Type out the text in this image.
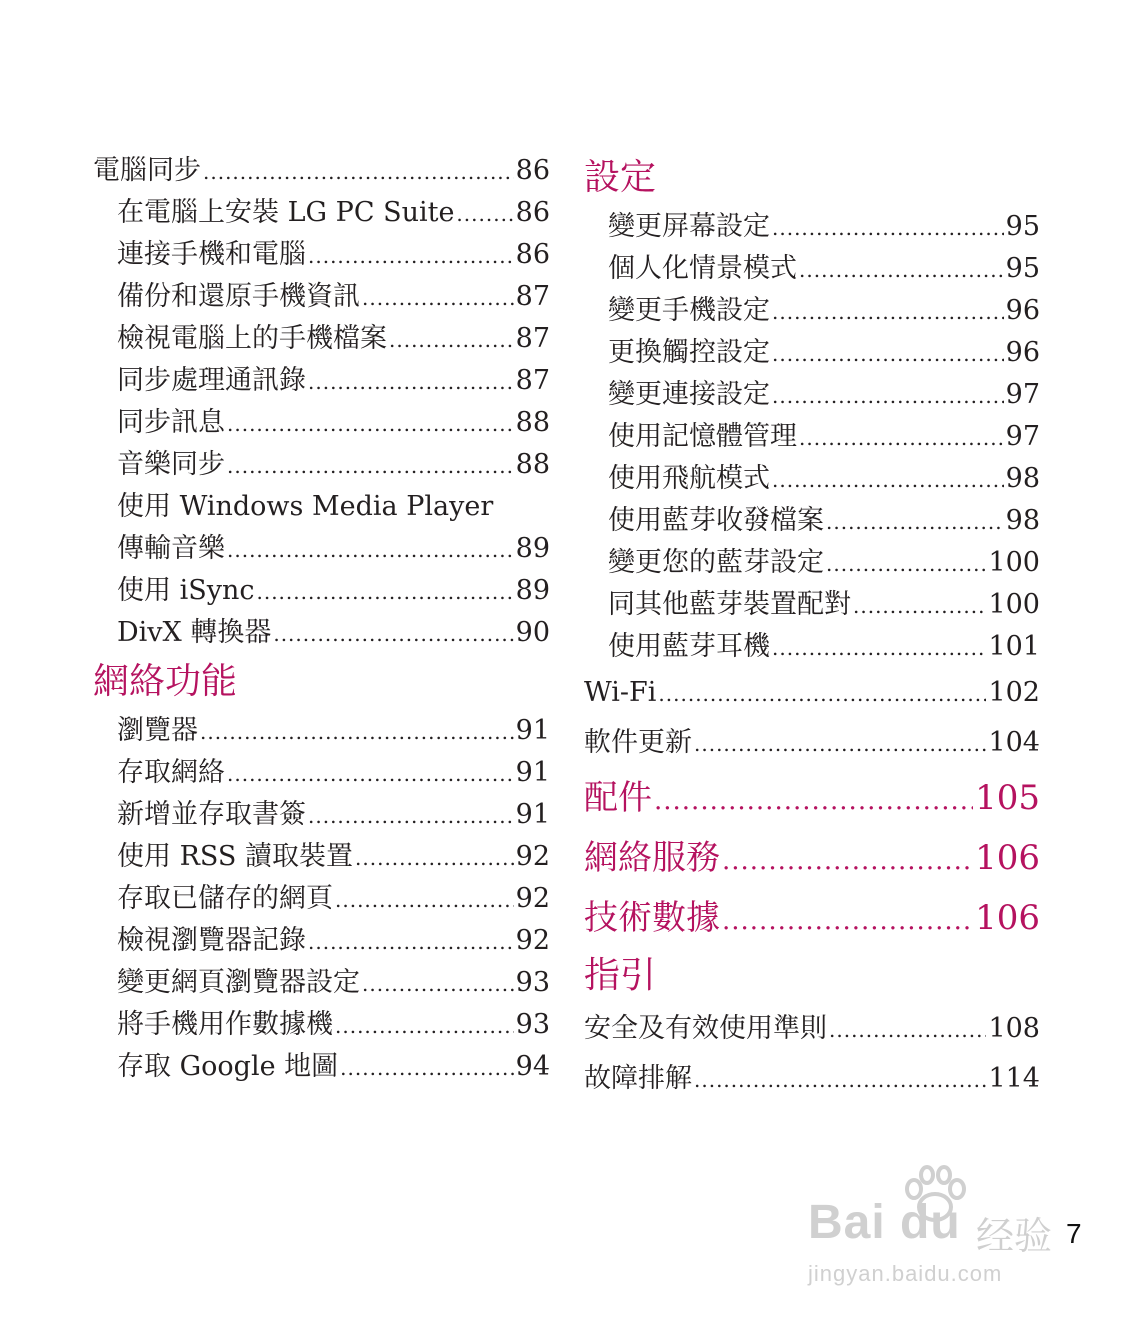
電腦同步 .....	86
在電腦上安裝 LG PC Suite ..... 86
連接手機和電腦 .....	86
備份和還原手機資訊 .....	87
檢視電腦上的手機檔案 .....	87
同步處理通訊錄 .....	87
同步訊息 .....	88
音樂同步 .....	88
使用 Windows Media Player
傳輸音樂 .....	89
使用 iSync .....	89
DivX 轉換器 .....	90
網絡功能
瀏覽器 .....	91
存取網絡 .....	91
新增並存取書簽 .....	91
使用 RSS 讀取裝置 .....	92
存取已儲存的網頁 .....	92
檢視瀏覽器記錄 .....	92
變更網頁瀏覽器設定 .....	93
將手機用作數據機 .....	93
存取 Google 地圖 .....	94
設定
變更屏幕設定 .....	95
個人化情景模式 .....	95
變更手機設定 .....	96
更換觸控設定 .....	96
變更連接設定 .....	97
使用記憶體管理 .....	97
使用飛航模式 .....	98
使用藍芽收發檔案 .....	98
變更您的藍芽設定 .....	100
同其他藍芽裝置配對 .....	100
使用藍芽耳機 .....	101
Wi-Fi .....	102
軟件更新 .....	104
配件 .....	105
網絡服務 .....	106
技術數據 .....	106
指引
安全及有效使用準則 .....	108
故障排解 .....	114
7
Bai du 经验
jingyan.baidu.com
